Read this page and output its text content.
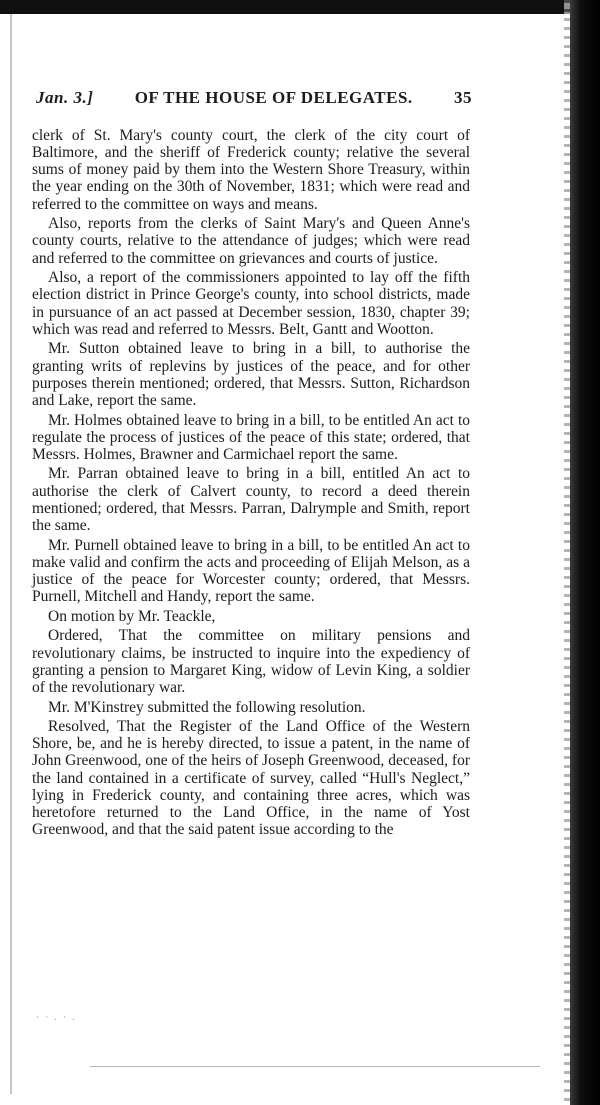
Jan. 3.] OF THE HOUSE OF DELEGATES. 35

clerk of St. Mary's county court, the clerk of the city court of Baltimore, and the sheriff of Frederick county; relative the several sums of money paid by them into the Western Shore Treasury, within the year ending on the 30th of November, 1831; which were read and referred to the committee on ways and means.

Also, reports from the clerks of Saint Mary's and Queen Anne's county courts, relative to the attendance of judges; which were read and referred to the committee on grievances and courts of justice.

Also, a report of the commissioners appointed to lay off the fifth election district in Prince George's county, into school districts, made in pursuance of an act passed at December session, 1830, chapter 39; which was read and referred to Messrs. Belt, Gantt and Wootton.

Mr. Sutton obtained leave to bring in a bill, to authorise the granting writs of replevins by justices of the peace, and for other purposes therein mentioned; ordered, that Messrs. Sutton, Richardson and Lake, report the same.

Mr. Holmes obtained leave to bring in a bill, to be entitled An act to regulate the process of justices of the peace of this state; ordered, that Messrs. Holmes, Brawner and Carmichael report the same.

Mr. Parran obtained leave to bring in a bill, entitled An act to authorise the clerk of Calvert county, to record a deed therein mentioned; ordered, that Messrs. Parran, Dalrymple and Smith, report the same.

Mr. Purnell obtained leave to bring in a bill, to be entitled An act to make valid and confirm the acts and proceeding of Elijah Melson, as a justice of the peace for Worcester county; ordered, that Messrs. Purnell, Mitchell and Handy, report the same.

On motion by Mr. Teackle,

Ordered, That the committee on military pensions and revolutionary claims, be instructed to inquire into the expediency of granting a pension to Margaret King, widow of Levin King, a soldier of the revolutionary war.

Mr. M'Kinstrey submitted the following resolution.

Resolved, That the Register of the Land Office of the Western Shore, be, and he is hereby directed, to issue a patent, in the name of John Greenwood, one of the heirs of Joseph Greenwood, deceased, for the land contained in a certificate of survey, called “Hull's Neglect,” lying in Frederick county, and containing three acres, which was heretofore returned to the Land Office, in the name of Yost Greenwood, and that the said patent issue according to the

· · . · .
